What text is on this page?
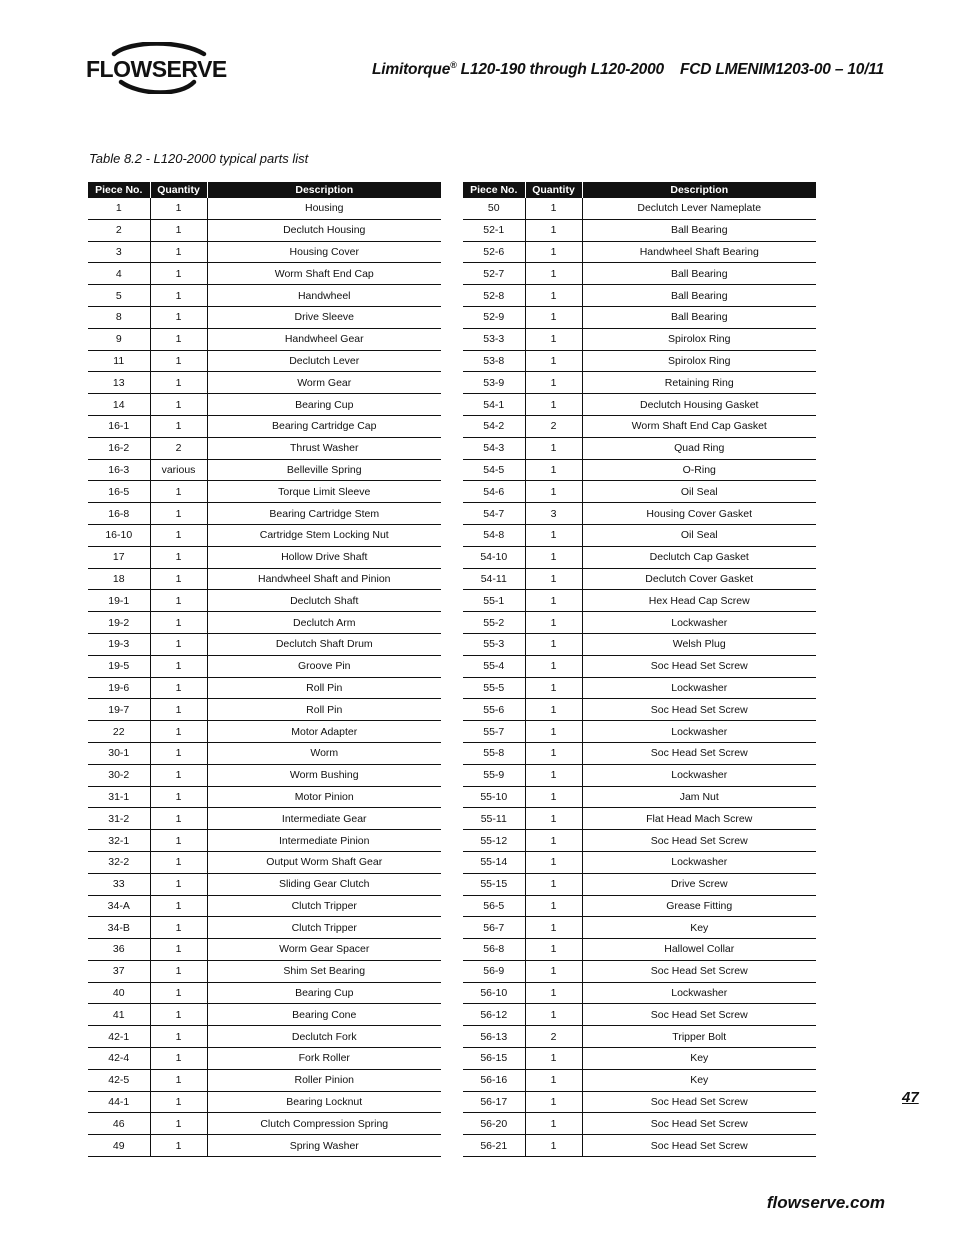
FLOWSERVE	Limitorque® L120-190 through L120-2000 FCD LMENIM1203-00 – 10/11
Table 8.2 - L120-2000 typical parts list
Piece No.	Quantity	Description
1	1	Housing
2	1	Declutch Housing
3	1	Housing Cover
4	1	Worm Shaft End Cap
5	1	Handwheel
8	1	Drive Sleeve
9	1	Handwheel Gear
11	1	Declutch Lever
13	1	Worm Gear
14	1	Bearing Cup
16-1	1	Bearing Cartridge Cap
16-2	2	Thrust Washer
16-3	various	Belleville Spring
16-5	1	Torque Limit Sleeve
16-8	1	Bearing Cartridge Stem
16-10	1	Cartridge Stem Locking Nut
17	1	Hollow Drive Shaft
18	1	Handwheel Shaft and Pinion
19-1	1	Declutch Shaft
19-2	1	Declutch Arm
19-3	1	Declutch Shaft Drum
19-5	1	Groove Pin
19-6	1	Roll Pin
19-7	1	Roll Pin
22	1	Motor Adapter
30-1	1	Worm
30-2	1	Worm Bushing
31-1	1	Motor Pinion
31-2	1	Intermediate Gear
32-1	1	Intermediate Pinion
32-2	1	Output Worm Shaft Gear
33	1	Sliding Gear Clutch
34-A	1	Clutch Tripper
34-B	1	Clutch Tripper
36	1	Worm Gear Spacer
37	1	Shim Set Bearing
40	1	Bearing Cup
41	1	Bearing Cone
42-1	1	Declutch Fork
42-4	1	Fork Roller
42-5	1	Roller Pinion
44-1	1	Bearing Locknut
46	1	Clutch Compression Spring
49	1	Spring Washer
Piece No.	Quantity	Description
50	1	Declutch Lever Nameplate
52-1	1	Ball Bearing
52-6	1	Handwheel Shaft Bearing
52-7	1	Ball Bearing
52-8	1	Ball Bearing
52-9	1	Ball Bearing
53-3	1	Spirolox Ring
53-8	1	Spirolox Ring
53-9	1	Retaining Ring
54-1	1	Declutch Housing Gasket
54-2	2	Worm Shaft End Cap Gasket
54-3	1	Quad Ring
54-5	1	O-Ring
54-6	1	Oil Seal
54-7	3	Housing Cover Gasket
54-8	1	Oil Seal
54-10	1	Declutch Cap Gasket
54-11	1	Declutch Cover Gasket
55-1	1	Hex Head Cap Screw
55-2	1	Lockwasher
55-3	1	Welsh Plug
55-4	1	Soc Head Set Screw
55-5	1	Lockwasher
55-6	1	Soc Head Set Screw
55-7	1	Lockwasher
55-8	1	Soc Head Set Screw
55-9	1	Lockwasher
55-10	1	Jam Nut
55-11	1	Flat Head Mach Screw
55-12	1	Soc Head Set Screw
55-14	1	Lockwasher
55-15	1	Drive Screw
56-5	1	Grease Fitting
56-7	1	Key
56-8	1	Hallowel Collar
56-9	1	Soc Head Set Screw
56-10	1	Lockwasher
56-12	1	Soc Head Set Screw
56-13	2	Tripper Bolt
56-15	1	Key
56-16	1	Key
56-17	1	Soc Head Set Screw
56-20	1	Soc Head Set Screw
56-21	1	Soc Head Set Screw
47
flowserve.com
